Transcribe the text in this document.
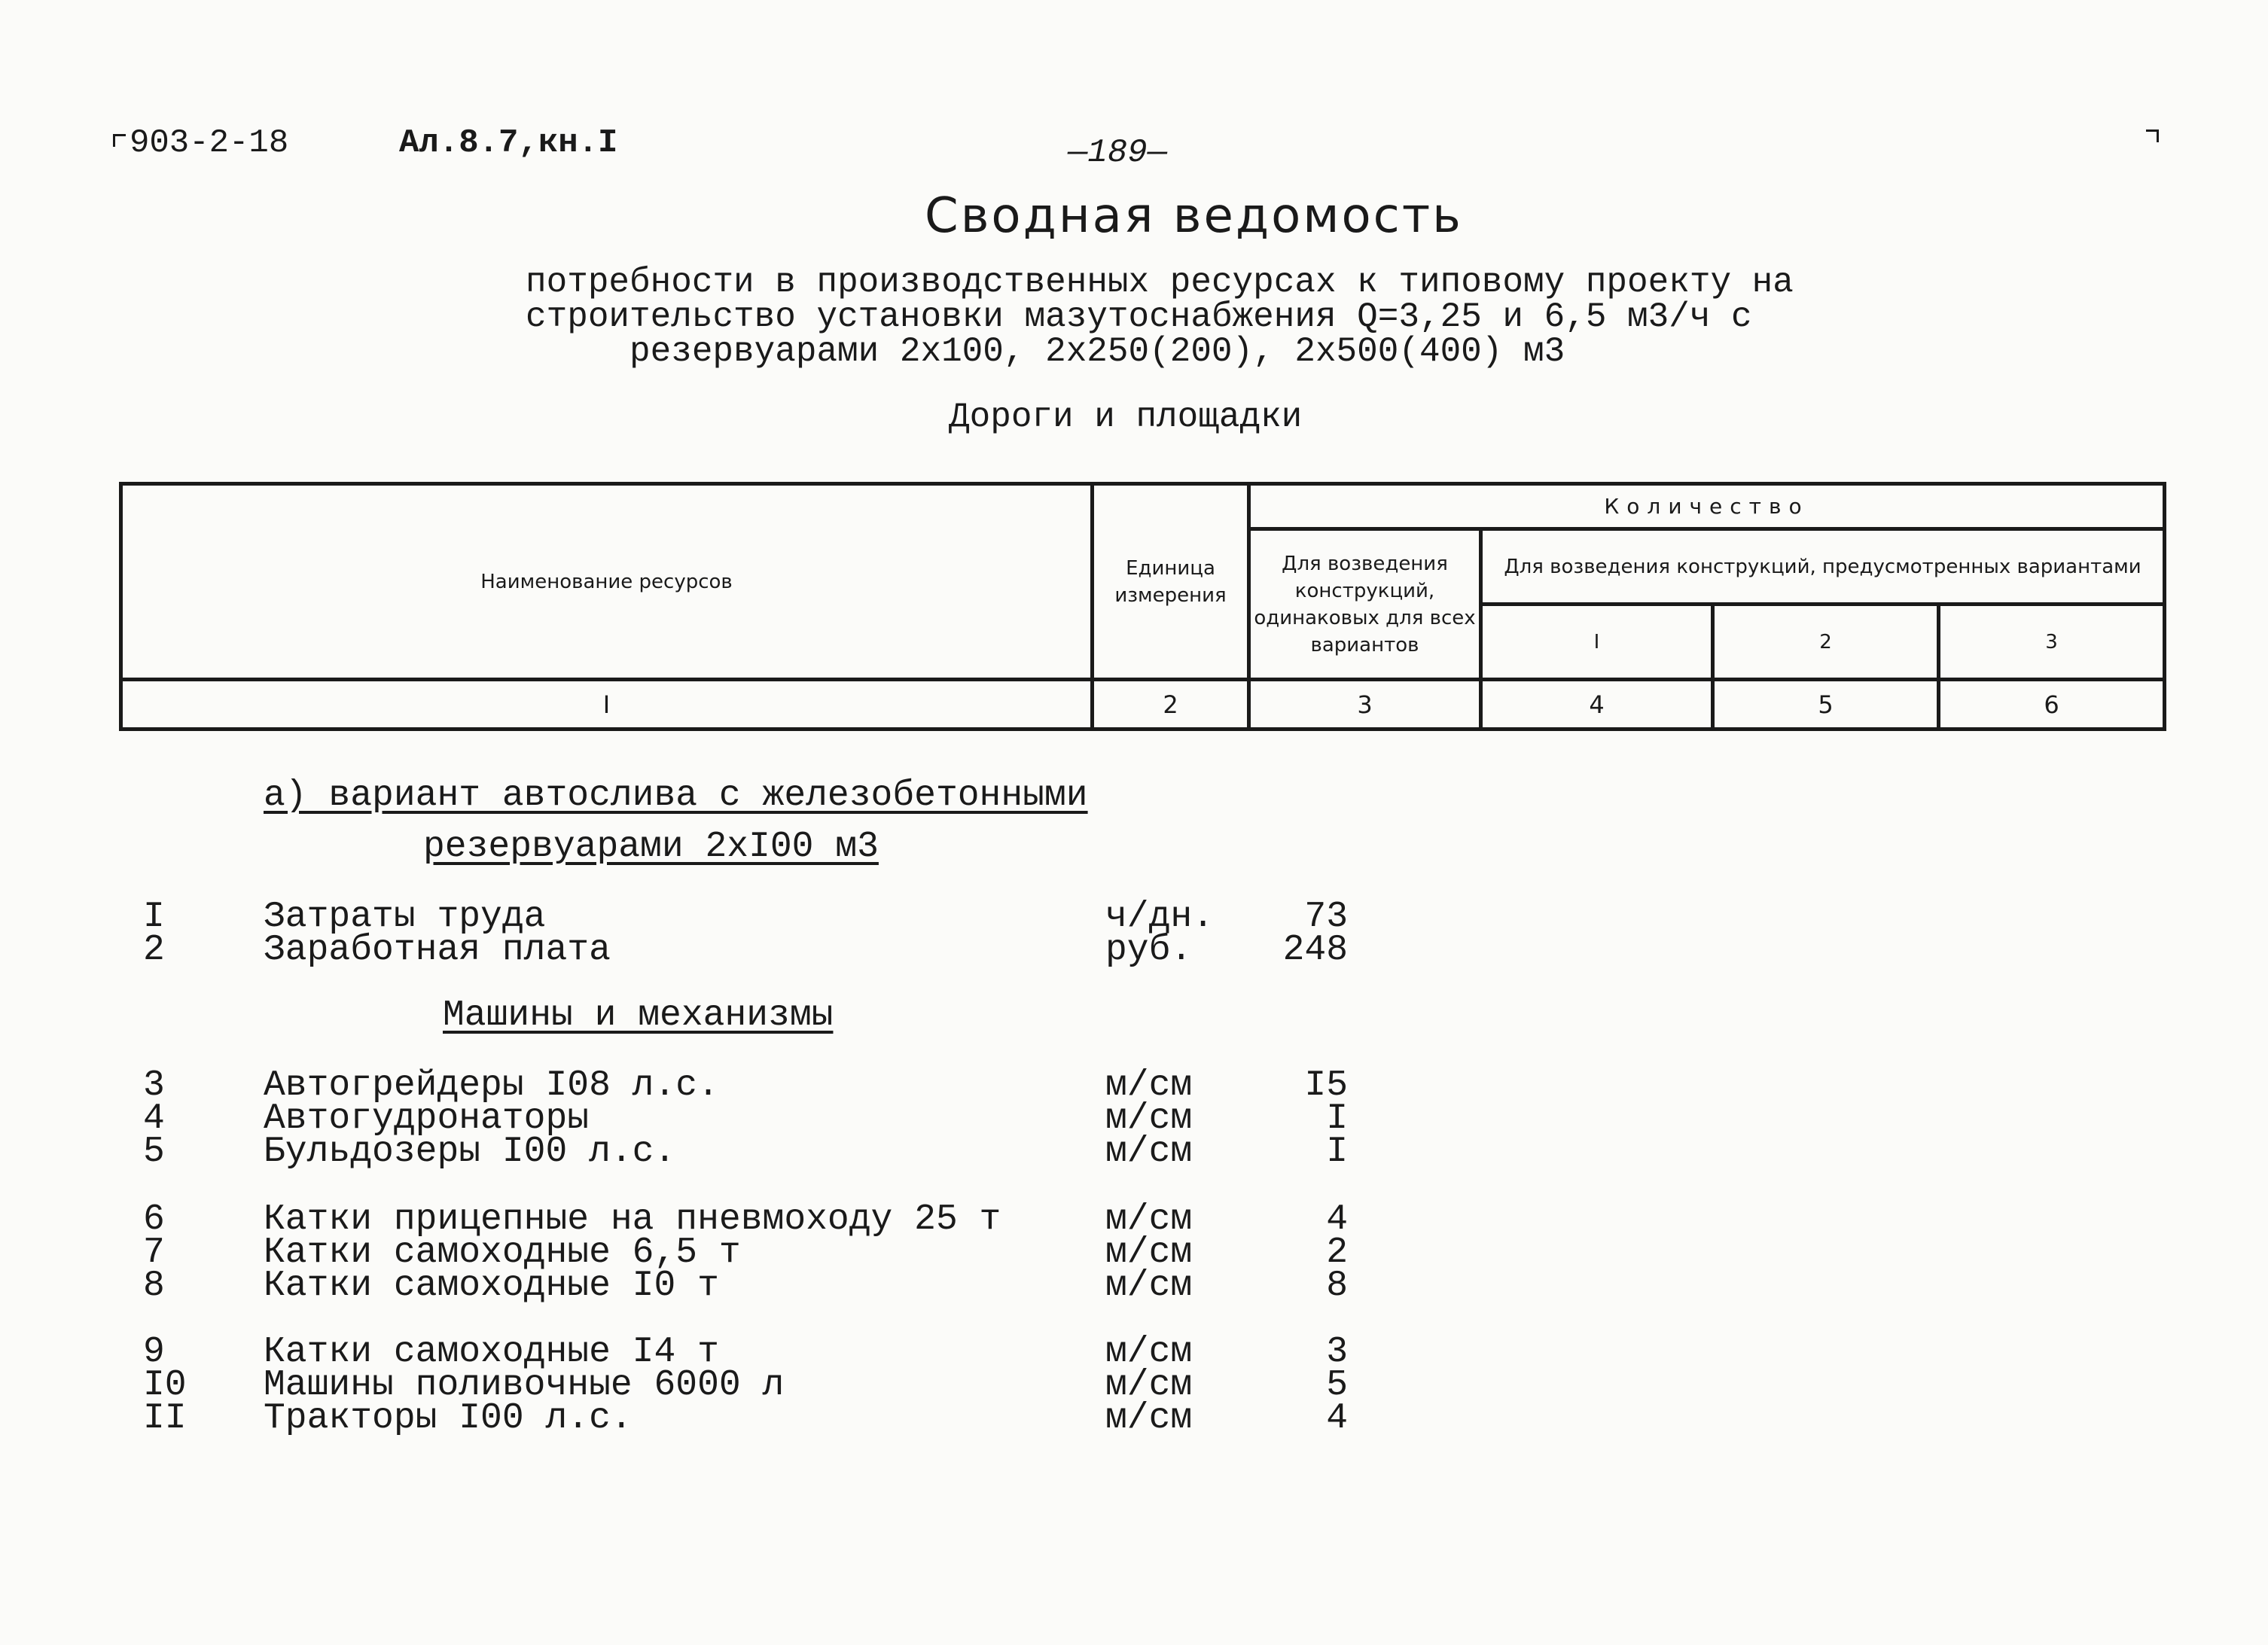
903-2-18	Ал.8.7,кн.I	—189—
Сводная ведомость
потребности в производственных ресурсах к типовому проекту на
строительство установки мазутоснабжения Q=3,25 и 6,5 м3/ч с
резервуарами 2х100, 2х250(200), 2х500(400) м3
Дороги и площадки
Наименование ресурсов	Единица измерения	Количество			
		Для возведения конструкций, одинаковых для всех вариантов	Для возведения конструкций, предусмотренных вариантами		
			I	2	3
I	2	3	4	5	6
а) вариант автослива с железобетонными
резервуарами 2хI00 м3
I	Затраты труда	ч/дн.	73
2	Заработная плата	руб.	248
Машины и механизмы
3	Автогрейдеры I08 л.с.	м/см	I5
4	Автогудронаторы	м/см	I
5	Бульдозеры I00 л.с.	м/см	I
6	Катки прицепные на пневмоходу 25 т	м/см	4
7	Катки самоходные 6,5 т	м/см	2
8	Катки самоходные I0 т	м/см	8
9	Катки самоходные I4 т	м/см	3
I0 Машины поливочные 6000 л	м/см	5
II Тракторы I00 л.с.	м/см	4
